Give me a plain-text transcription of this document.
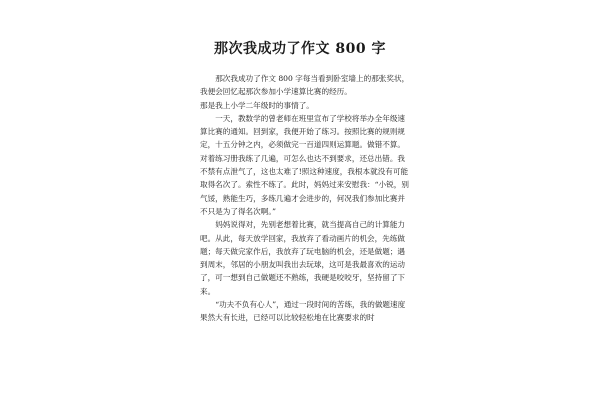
那次我成功了作文 800 字

那次我成功了作文 800 字每当看到卧室墙上的那张奖状，我便会回忆起那次参加小学速算比赛的经历。

那是我上小学二年级时的事情了。

一天，教数学的曾老师在班里宣布了学校将举办全年级速算比赛的通知。回到家，我便开始了练习。按照比赛的规则规定，十五分钟之内，必须做完一百道四则运算题。做错不算。对着练习册我练了几遍，可怎么也达不到要求，还总出错。我不禁有点泄气了，这也太难了!照这种速度，我根本就没有可能取得名次了。索性不练了。此时，妈妈过来安慰我：“小锐，别气馁，熟能生巧，多练几遍才会进步的，何况我们参加比赛并不只是为了得名次啊。”

妈妈说得对，先别老想着比赛，就当提高自己的计算能力吧。从此，每天放学回家，我放弃了看动画片的机会，先练做题；每天做完家作后，我放弃了玩电脑的机会，还是做题；遇到周末，邻居的小朋友叫我出去玩球，这可是我最喜欢的运动了，可一想到自己做题还不熟练，我硬是咬咬牙，坚持留了下来。

“功夫不负有心人”，通过一段时间的苦练，我的做题速度果然大有长进，已经可以比较轻松地在比赛要求的时
